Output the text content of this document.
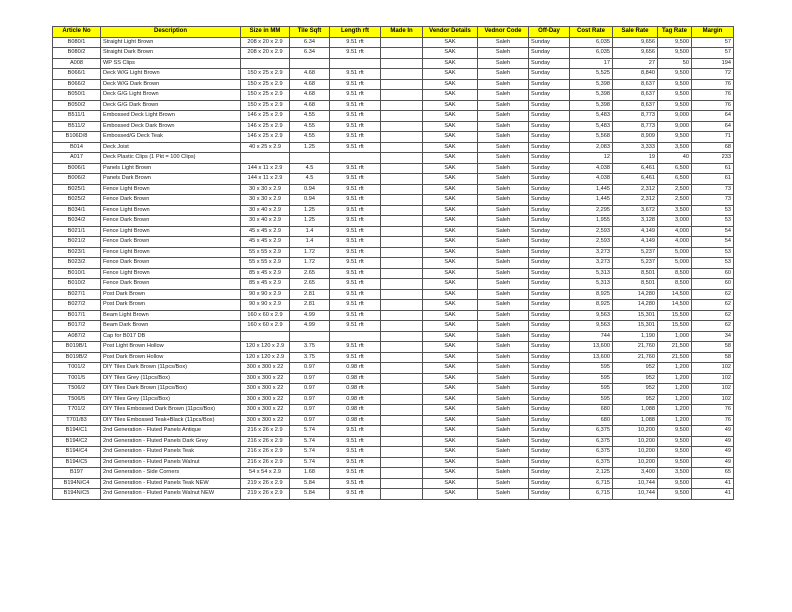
Article No	Description	Size in MM	Tile Sqft	Length rft	Made In	Vendor Details	Vednor Code	Off-Day	Cost Rate	Sale Rate	Tag Rate	Margin
B080/1	Straight Light Brown	208 x 20 x 2.9	6.34	9.51 rft		SAK	Saleh	Sunday	6,035	9,656	9,500	57
B080/2	Straight Dark Brown	208 x 20 x 2.9	6.34	9.51 rft		SAK	Saleh	Sunday	6,035	9,656	9,500	57
A008	WP SS Clips					SAK	Saleh	Sunday	17	27	50	194
B066/1	Deck W/G Light Brown	150 x 25 x 2.9	4.68	9.51 rft		SAK	Saleh	Sunday	5,525	8,840	9,500	72
B066/2	Deck W/G Dark Brown	150 x 25 x 2.9	4.68	9.51 rft		SAK	Saleh	Sunday	5,398	8,637	9,500	76
B050/1	Deck G/G Light Brown	150 x 25 x 2.9	4.68	9.51 rft		SAK	Saleh	Sunday	5,398	8,637	9,500	76
B050/2	Deck G/G Dark Brown	150 x 25 x 2.9	4.68	9.51 rft		SAK	Saleh	Sunday	5,398	8,637	9,500	76
B511/1	Embossed Deck Light Brown	146 x 25 x 2.9	4.55	9.51 rft		SAK	Saleh	Sunday	5,483	8,773	9,000	64
B511/2	Embossed Deck Dark Brown	146 x 25 x 2.9	4.55	9.51 rft		SAK	Saleh	Sunday	5,483	8,773	9,000	64
B106D/8	Embossed/G Deck Teak	146 x 25 x 2.9	4.55	9.51 rft		SAK	Saleh	Sunday	5,568	8,909	9,500	71
B014	Deck Joist	40 x 25 x 2.9	1.25	9.51 rft		SAK	Saleh	Sunday	2,083	3,333	3,500	68
A017	Deck Plastic Clips (1 Pkt = 100 Clips)					SAK	Saleh	Sunday	12	19	40	233
B006/1	Panels Light Brown	144 x 11 x 2.9	4.5	9.51 rft		SAK	Saleh	Sunday	4,038	6,461	6,500	61
B006/2	Panels Dark Brown	144 x 11 x 2.9	4.5	9.51 rft		SAK	Saleh	Sunday	4,038	6,461	6,500	61
B025/1	Fence Light Brown	30 x 30 x 2.9	0.94	9.51 rft		SAK	Saleh	Sunday	1,445	2,312	2,500	73
B025/2	Fence Dark Brown	30 x 30 x 2.9	0.94	9.51 rft		SAK	Saleh	Sunday	1,445	2,312	2,500	73
B034/1	Fence Light Brown	30 x 40 x 2.9	1.25	9.51 rft		SAK	Saleh	Sunday	2,295	3,672	3,500	53
B034/2	Fence Dark Brown	30 x 40 x 2.9	1.25	9.51 rft		SAK	Saleh	Sunday	1,955	3,128	3,000	53
B021/1	Fence Light Brown	45 x 45 x 2.9	1.4	9.51 rft		SAK	Saleh	Sunday	2,593	4,149	4,000	54
B021/2	Fence Dark Brown	45 x 45 x 2.9	1.4	9.51 rft		SAK	Saleh	Sunday	2,593	4,149	4,000	54
B023/1	Fence Light Brown	55 x 55 x 2.9	1.72	9.51 rft		SAK	Saleh	Sunday	3,273	5,237	5,000	53
B023/2	Fence Dark Brown	55 x 55 x 2.9	1.72	9.51 rft		SAK	Saleh	Sunday	3,273	5,237	5,000	53
B010/1	Fence Light Brown	85 x 45 x 2.9	2.65	9.51 rft		SAK	Saleh	Sunday	5,313	8,501	8,500	60
B010/2	Fence Dark Brown	85 x 45 x 2.9	2.65	9.51 rft		SAK	Saleh	Sunday	5,313	8,501	8,500	60
B027/1	Post Dark Brown	90 x 90 x 2.9	2.81	9.51 rft		SAK	Saleh	Sunday	8,925	14,280	14,500	62
B027/2	Post Dark Brown	90 x 90 x 2.9	2.81	9.51 rft		SAK	Saleh	Sunday	8,925	14,280	14,500	62
B017/1	Beam Light Brown	160 x 60 x 2.9	4.99	9.51 rft		SAK	Saleh	Sunday	9,563	15,301	15,500	62
B017/2	Beam Dark Brown	160 x 60 x 2.9	4.99	9.51 rft		SAK	Saleh	Sunday	9,563	15,301	15,500	62
A087/2	Cap for B017 DB					SAK	Saleh	Sunday	744	1,190	1,000	34
B019B/1	Post Light Brown Hollow	120 x 120 x 2.9	3.75	9.51 rft		SAK	Saleh	Sunday	13,600	21,760	21,500	58
B019B/2	Post Dark Brown Hollow	120 x 120 x 2.9	3.75	9.51 rft		SAK	Saleh	Sunday	13,600	21,760	21,500	58
T001/2	DIY Tiles Dark Brown (11pcs/Box)	300 x 300 x 22	0.97	0.98 rft		SAK	Saleh	Sunday	595	952	1,200	102
T001/5	DIY Tiles Grey (11pcs/Box)	300 x 300 x 22	0.97	0.98 rft		SAK	Saleh	Sunday	595	952	1,200	102
T506/2	DIY Tiles Dark Brown (11pcs/Box)	300 x 300 x 22	0.97	0.98 rft		SAK	Saleh	Sunday	595	952	1,200	102
T506/5	DIY Tiles Grey (11pcs/Box)	300 x 300 x 22	0.97	0.98 rft		SAK	Saleh	Sunday	595	952	1,200	102
T701/2	DIY Tiles Embossed Dark Brown (11pcs/Box)	300 x 300 x 22	0.97	0.98 rft		SAK	Saleh	Sunday	680	1,088	1,200	76
T701/83	DIY Tiles Embossed Teak+Black (11pcs/Box)	300 x 300 x 22	0.97	0.98 rft		SAK	Saleh	Sunday	680	1,088	1,200	76
B194/C1	2nd Generation - Fluted Panels Antique	216 x 26 x 2.9	5.74	9.51 rft		SAK	Saleh	Sunday	6,375	10,200	9,500	49
B194/C2	2nd Generation - Fluted Panels Dark Grey	216 x 26 x 2.9	5.74	9.51 rft		SAK	Saleh	Sunday	6,375	10,200	9,500	49
B194/C4	2nd Generation - Fluted Panels Teak	216 x 26 x 2.9	5.74	9.51 rft		SAK	Saleh	Sunday	6,375	10,200	9,500	49
B194/C5	2nd Generation - Fluted Panels Walnut	216 x 26 x 2.9	5.74	9.51 rft		SAK	Saleh	Sunday	6,375	10,200	9,500	49
B197	2nd Generation - Side Corners	54 x 54 x 2.9	1.68	9.51 rft		SAK	Saleh	Sunday	2,125	3,400	3,500	65
B194N/C4	2nd Generation - Fluted Panels Teak NEW	219 x 26 x 2.9	5.84	9.51 rft		SAK	Saleh	Sunday	6,715	10,744	9,500	41
B194N/C5	2nd Generation - Fluted Panels Walnut NEW	219 x 26 x 2.9	5.84	9.51 rft		SAK	Saleh	Sunday	6,715	10,744	9,500	41
